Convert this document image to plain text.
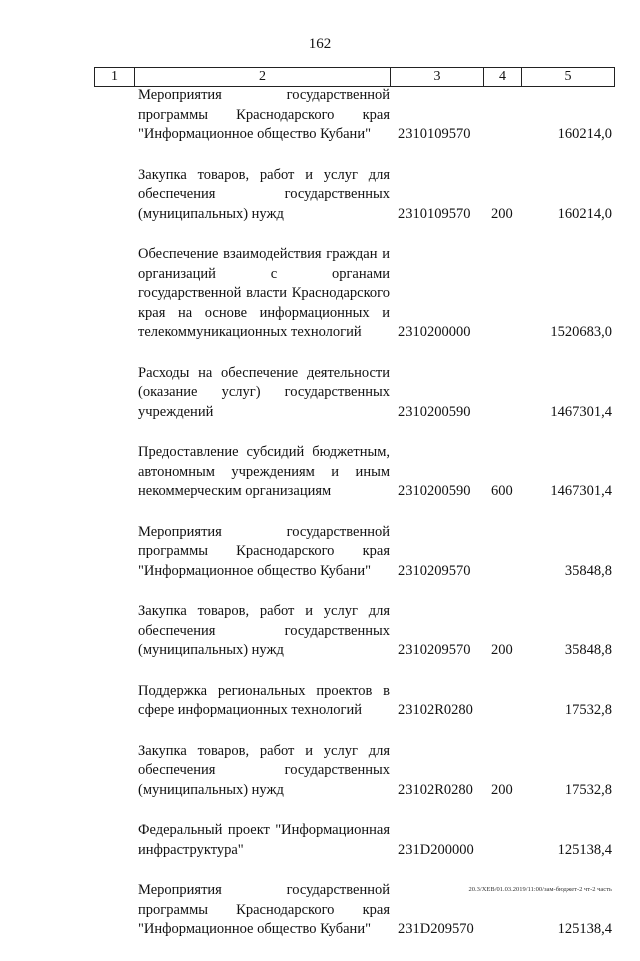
162
1	2	3	4	5
Мероприятия государственной программы Краснодарского края "Информационное общество Кубани"	2310109570	160214,0
Закупка товаров, работ и услуг для обеспечения государственных (муниципальных) нужд	2310109570 200	160214,0
Обеспечение взаимодействия граждан и организаций с органами государственной власти Краснодарского края на основе информационных и телекоммуникационных технологий	2310200000	1520683,0
Расходы на обеспечение деятельности (оказание услуг) государственных учреждений	2310200590	1467301,4
Предоставление субсидий бюджетным, автономным учреждениям и иным некоммерческим организациям	2310200590 600	1467301,4
Мероприятия государственной программы Краснодарского края "Информационное общество Кубани"	2310209570	35848,8
Закупка товаров, работ и услуг для обеспечения государственных (муниципальных) нужд	2310209570 200	35848,8
Поддержка региональных проектов в сфере информационных технологий	23102R0280	17532,8
Закупка товаров, работ и услуг для обеспечения государственных (муниципальных) нужд	23102R0280 200	17532,8
Федеральный проект "Информационная инфраструктура"	231D200000	125138,4
Мероприятия государственной программы Краснодарского края "Информационное общество Кубани"	231D209570	125138,4
20.3/XEB/01.03.2019/11:00/зам-бюджет-2 чт-2 часть
